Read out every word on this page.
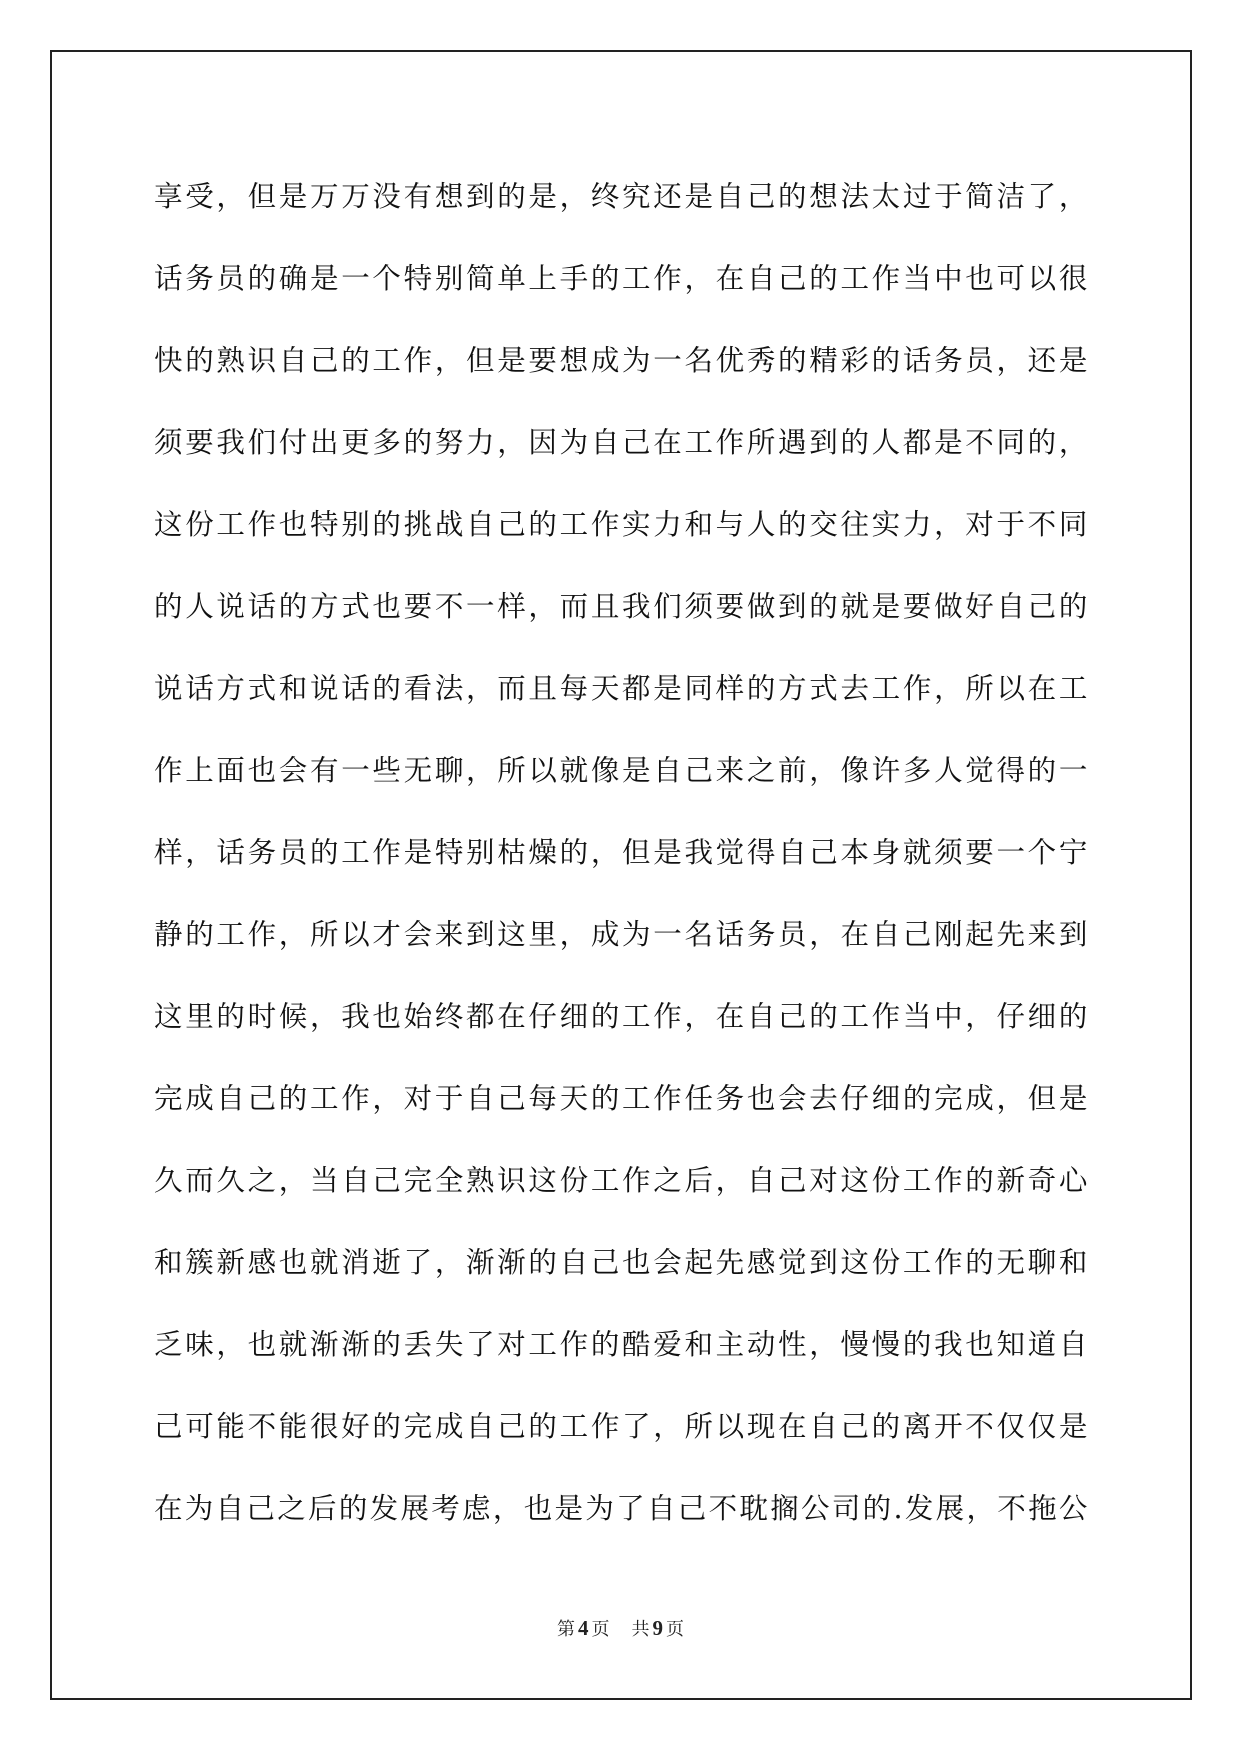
享受，但是万万没有想到的是，终究还是自己的想法太过于简洁了，
话务员的确是一个特别简单上手的工作，在自己的工作当中也可以很
快的熟识自己的工作，但是要想成为一名优秀的精彩的话务员，还是
须要我们付出更多的努力，因为自己在工作所遇到的人都是不同的，
这份工作也特别的挑战自己的工作实力和与人的交往实力，对于不同
的人说话的方式也要不一样，而且我们须要做到的就是要做好自己的
说话方式和说话的看法，而且每天都是同样的方式去工作，所以在工
作上面也会有一些无聊，所以就像是自己来之前，像许多人觉得的一
样，话务员的工作是特别枯燥的，但是我觉得自己本身就须要一个宁
静的工作，所以才会来到这里，成为一名话务员，在自己刚起先来到
这里的时候，我也始终都在仔细的工作，在自己的工作当中，仔细的
完成自己的工作，对于自己每天的工作任务也会去仔细的完成，但是
久而久之，当自己完全熟识这份工作之后，自己对这份工作的新奇心
和簇新感也就消逝了，渐渐的自己也会起先感觉到这份工作的无聊和
乏味，也就渐渐的丢失了对工作的酷爱和主动性，慢慢的我也知道自
己可能不能很好的完成自己的工作了，所以现在自己的离开不仅仅是
在为自己之后的发展考虑，也是为了自己不耽搁公司的.发展，不拖公
第 4 页 共 9 页
